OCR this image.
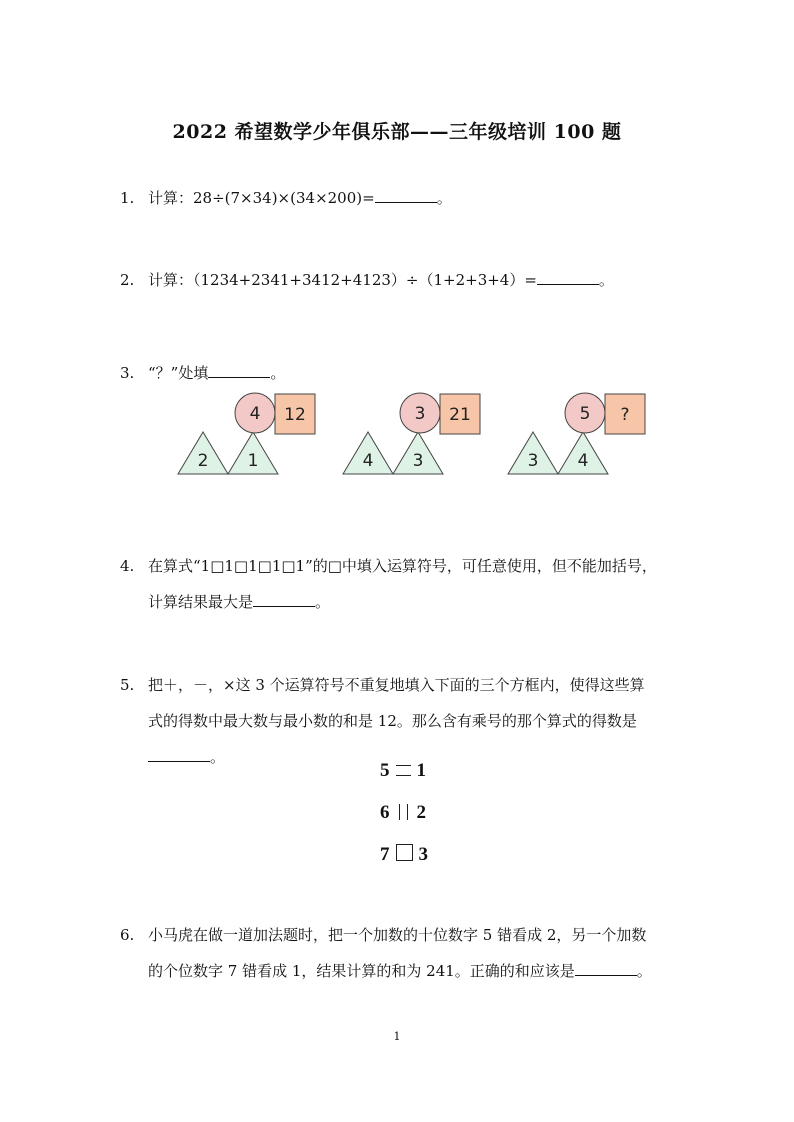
2022 希望数学少年俱乐部——三年级培训 100 题
1. 计算：28÷(7×34)×(34×200)=	。
2. 计算：（1234+2341+3412+4123）÷（1+2+3+4）=	。
3. “？”处填	。
2 1
4 12
4 3
3 21
3 4
5 ?
4. 在算式“1□1□1□1□1”的□中填入运算符号，可任意使用，但不能加括号，
计算结果最大是	。
5. 把＋，－，×这 3 个运算符号不重复地填入下面的三个方框内，使得这些算
式的得数中最大数与最小数的和是 12。那么含有乘号的那个算式的得数是
。
5 1
6 2
7 3
6. 小马虎在做一道加法题时，把一个加数的十位数字 5 错看成 2，另一个加数
的个位数字 7 错看成 1，结果计算的和为 241。正确的和应该是	。
1
